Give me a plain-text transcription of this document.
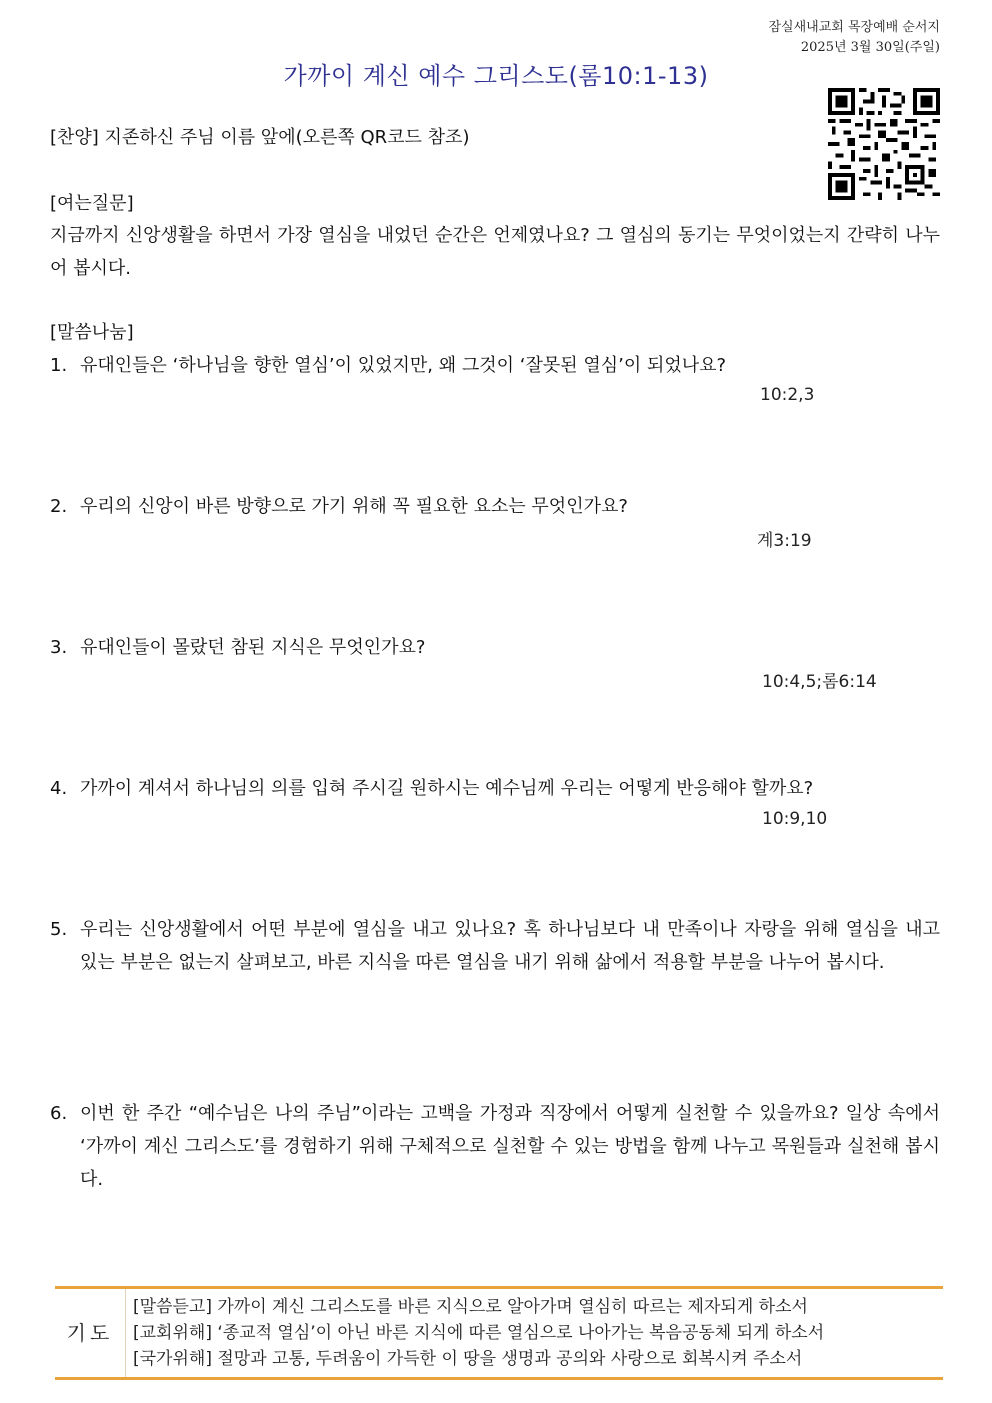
잠실새내교회 목장예배 순서지
2025년 3월 30일(주일)
가까이 계신 예수 그리스도(롬10:1-13)
[찬양] 지존하신 주님 이름 앞에(오른쪽 QR코드 참조)
[여는질문]
지금까지 신앙생활을 하면서 가장 열심을 내었던 순간은 언제였나요? 그 열심의 동기는 무엇이었는지 간략히 나누어 봅시다.
[말씀나눔]
1. 유대인들은 ‘하나님을 향한 열심’이 있었지만, 왜 그것이 ‘잘못된 열심’이 되었나요?
10:2,3
2. 우리의 신앙이 바른 방향으로 가기 위해 꼭 필요한 요소는 무엇인가요?
계3:19
3. 유대인들이 몰랐던 참된 지식은 무엇인가요?
10:4,5;롬6:14
4. 가까이 계셔서 하나님의 의를 입혀 주시길 원하시는 예수님께 우리는 어떻게 반응해야 할까요?
10:9,10
5. 우리는 신앙생활에서 어떤 부분에 열심을 내고 있나요? 혹 하나님보다 내 만족이나 자랑을 위해 열심을 내고 있는 부분은 없는지 살펴보고, 바른 지식을 따른 열심을 내기 위해 삶에서 적용할 부분을 나누어 봅시다.
6. 이번 한 주간 “예수님은 나의 주님”이라는 고백을 가정과 직장에서 어떻게 실천할 수 있을까요? 일상 속에서 ‘가까이 계신 그리스도’를 경험하기 위해 구체적으로 실천할 수 있는 방법을 함께 나누고 목원들과 실천해 봅시다.
기도
[말씀듣고] 가까이 계신 그리스도를 바른 지식으로 알아가며 열심히 따르는 제자되게 하소서
[교회위해] ‘종교적 열심’이 아닌 바른 지식에 따른 열심으로 나아가는 복음공동체 되게 하소서
[국가위해] 절망과 고통, 두려움이 가득한 이 땅을 생명과 공의와 사랑으로 회복시켜 주소서
